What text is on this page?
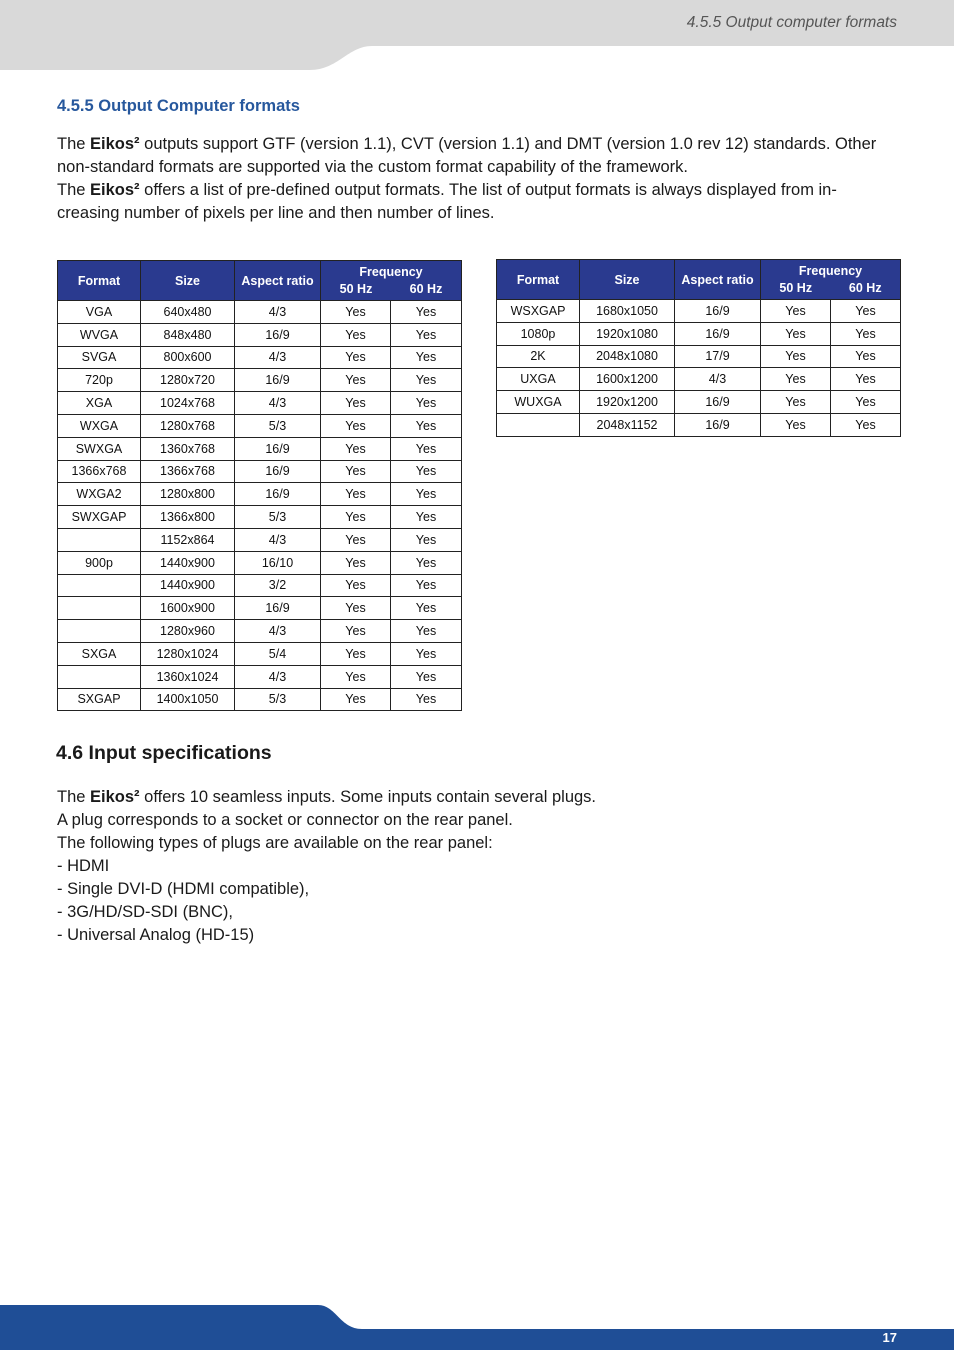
4.5.5 Output computer formats
4.5.5 Output Computer formats

The Eikos² outputs support GTF (version 1.1), CVT (version 1.1) and DMT (version 1.0 rev 12) standards. Other non-standard formats are supported via the custom format capability of the framework.

The Eikos² offers a list of pre-defined output formats. The list of output formats is always displayed from in-creasing number of pixels per line and then number of lines.

Format	Size	Aspect ratio	Frequency
50 Hz 60 Hz	

VGA	640x480	4/3	Yes	Yes
WVGA	848x480	16/9	Yes	Yes
SVGA	800x600	4/3	Yes	Yes
720p	1280x720	16/9	Yes	Yes
XGA	1024x768	4/3	Yes	Yes
WXGA	1280x768	5/3	Yes	Yes
SWXGA	1360x768	16/9	Yes	Yes
1366x768	1366x768	16/9	Yes	Yes
WXGA2	1280x800	16/9	Yes	Yes
SWXGAP	1366x800	5/3	Yes	Yes
	1152x864	4/3	Yes	Yes
900p	1440x900	16/10	Yes	Yes
	1440x900	3/2	Yes	Yes
	1600x900	16/9	Yes	Yes
	1280x960	4/3	Yes	Yes
SXGA	1280x1024	5/4	Yes	Yes
	1360x1024	4/3	Yes	Yes
SXGAP	1400x1050	5/3	Yes	Yes
Format	Size	Aspect ratio	Frequency
50 Hz 60 Hz	

WSXGAP	1680x1050	16/9	Yes	Yes
1080p	1920x1080	16/9	Yes	Yes
2K	2048x1080	17/9	Yes	Yes
UXGA	1600x1200	4/3	Yes	Yes
WUXGA	1920x1200	16/9	Yes	Yes
	2048x1152	16/9	Yes	Yes
4.6 Input specifications

The Eikos² offers 10 seamless inputs. Some inputs contain several plugs.

A plug corresponds to a socket or connector on the rear panel.

The following types of plugs are available on the rear panel:

- HDMI

- Single DVI-D (HDMI compatible),

- 3G/HD/SD-SDI (BNC),

- Universal Analog (HD-15)

17
